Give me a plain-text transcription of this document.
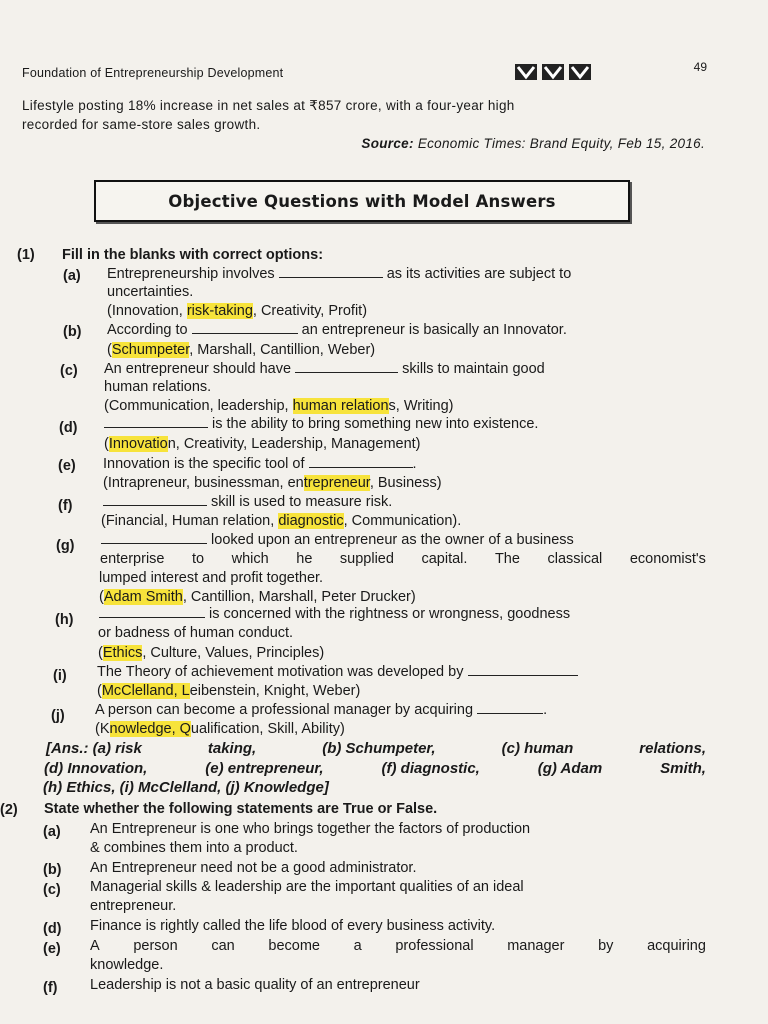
Foundation of Entrepreneurship Development	49
Lifestyle posting 18% increase in net sales at ₹857 crore, with a four-year high
recorded for same-store sales growth.
Source: Economic Times: Brand Equity, Feb 15, 2016.
Objective Questions with Model Answers
(1) Fill in the blanks with correct options:
(a) Entrepreneurship involves	as its activities are subject to
uncertainties.
(Innovation, risk-taking, Creativity, Profit)
(b) According to	an entrepreneur is basically an Innovator.
(Schumpeter, Marshall, Cantillion, Weber)
(c) An entrepreneur should have	skills to maintain good
human relations.
(Communication, leadership, human relations, Writing)
(d)	is the ability to bring something new into existence.
(Innovation, Creativity, Leadership, Management)
(e) Innovation is the specific tool of	.
(Intrapreneur, businessman, entrepreneur, Business)
(f)	skill is used to measure risk.
(Financial, Human relation, diagnostic, Communication).
(g)	looked upon an entrepreneur as the owner of a business
enterprise to which he supplied capital. The classical economist's
lumped interest and profit together.
(Adam Smith, Cantillion, Marshall, Peter Drucker)
(h)	is concerned with the rightness or wrongness, goodness
or badness of human conduct.
(Ethics, Culture, Values, Principles)
(i) The Theory of achievement motivation was developed by
(McClelland, Leibenstein, Knight, Weber)
(j) A person can become a professional manager by acquiring	.
(Knowledge, Qualification, Skill, Ability)
[Ans.: (a) risk	taking,	(b) Schumpeter,	(c) human	relations,
(d) Innovation,	(e) entrepreneur,	(f) diagnostic,	(g) Adam	Smith,
(h) Ethics, (i) McClelland, (j) Knowledge]
(2) State whether the following statements are True or False.
(a) An Entrepreneur is one who brings together the factors of production
& combines them into a product.
(b) An Entrepreneur need not be a good administrator.
(c) Managerial skills & leadership are the important qualities of an ideal
entrepreneur.
(d) Finance is rightly called the life blood of every business activity.
(e) A person can become a professional manager by acquiring
knowledge.
(f) Leadership is not a basic quality of an entrepreneur
